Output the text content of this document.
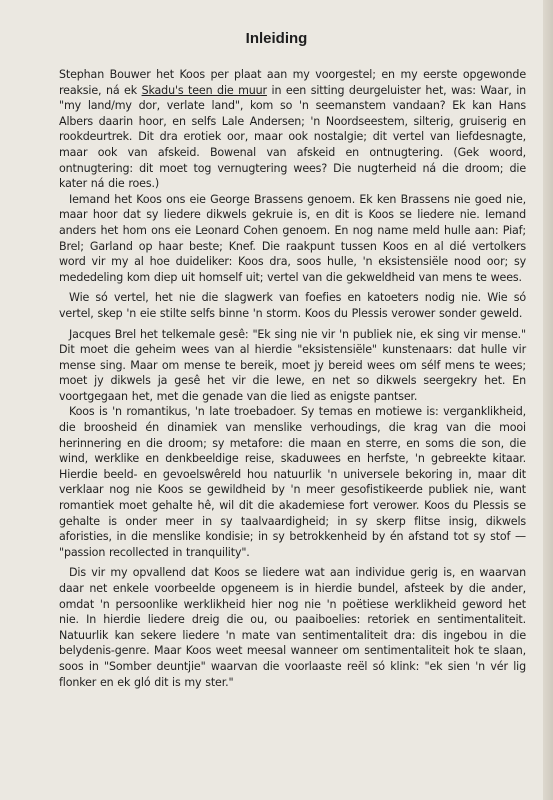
Inleiding

Stephan Bouwer het Koos per plaat aan my voorgestel; en my eerste opgewonde reaksie, ná ek Skadu's teen die muur in een sitting deurgeluister het, was: Waar, in "my land/my dor, verlate land", kom so 'n seemanstem vandaan? Ek kan Hans Albers daarin hoor, en selfs Lale Andersen; 'n Noordseestem, silterig, gruiserig en rookdeurtrek. Dit dra erotiek oor, maar ook nostalgie; dit vertel van liefdesnagte, maar ook van afskeid. Bowenal van afskeid en ontnugtering. (Gek woord, ontnugtering: dit moet tog vernugtering wees? Die nugterheid ná die droom; die kater ná die roes.)

Iemand het Koos ons eie George Brassens genoem. Ek ken Brassens nie goed nie, maar hoor dat sy liedere dikwels gekruie is, en dit is Koos se liedere nie. Iemand anders het hom ons eie Leonard Cohen genoem. En nog name meld hulle aan: Piaf; Brel; Garland op haar beste; Knef. Die raakpunt tussen Koos en al dié vertolkers word vir my al hoe duideliker: Koos dra, soos hulle, 'n eksistensiële nood oor; sy mededeling kom diep uit homself uit; vertel van die gekweldheid van mens te wees.

Wie só vertel, het nie die slagwerk van foefies en katoeters nodig nie. Wie só vertel, skep 'n eie stilte selfs binne 'n storm. Koos du Plessis verower sonder geweld.

Jacques Brel het telkemale gesê: "Ek sing nie vir 'n publiek nie, ek sing vir mense." Dit moet die geheim wees van al hierdie "eksistensiële" kunstenaars: dat hulle vir mense sing. Maar om mense te bereik, moet jy bereid wees om sélf mens te wees; moet jy dikwels ja gesê het vir die lewe, en net so dikwels seergekry het. En voortgegaan het, met die genade van die lied as enigste pantser.

Koos is 'n romantikus, 'n late troebadoer. Sy temas en motiewe is: verganklikheid, die broosheid én dinamiek van menslike verhoudings, die krag van die mooi herinnering en die droom; sy metafore: die maan en sterre, en soms die son, die wind, werklike en denkbeeldige reise, skaduwees en herfste, 'n gebreekte kitaar. Hierdie beeld- en gevoelswêreld hou natuurlik 'n universele bekoring in, maar dit verklaar nog nie Koos se gewildheid by 'n meer gesofistikeerde publiek nie, want romantiek moet gehalte hê, wil dit die akademiese fort verower. Koos du Plessis se gehalte is onder meer in sy taalvaardigheid; in sy skerp flitse insig, dikwels aforisties, in die menslike kondisie; in sy betrokkenheid by én afstand tot sy stof — "passion recollected in tranquility".

Dis vir my opvallend dat Koos se liedere wat aan individue gerig is, en waarvan daar net enkele voorbeelde opgeneem is in hierdie bundel, afsteek by die ander, omdat 'n persoonlike werklikheid hier nog nie 'n poëtiese werklikheid geword het nie. In hierdie liedere dreig die ou, ou paaiboelies: retoriek en sentimentaliteit. Natuurlik kan sekere liedere 'n mate van sentimentaliteit dra: dis ingebou in die belydenis-genre. Maar Koos weet meesal wanneer om sentimentaliteit hok te slaan, soos in "Somber deuntjie" waarvan die voorlaaste reël só klink: "ek sien 'n vér lig flonker en ek gló dit is my ster."
